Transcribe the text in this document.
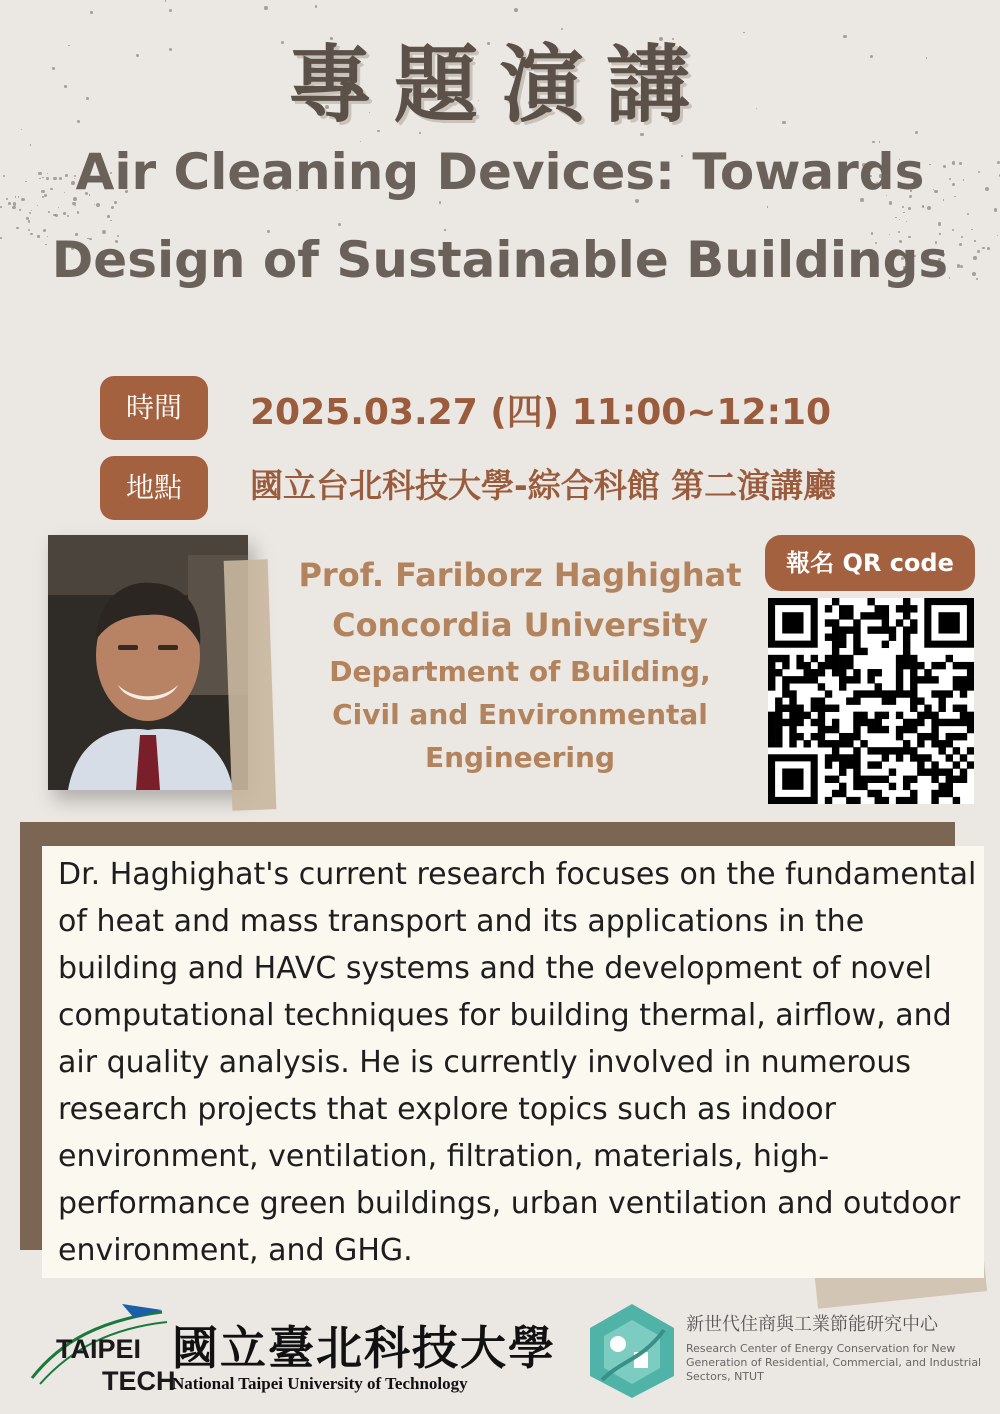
專題演講
Air Cleaning Devices: Towards Design of Sustainable Buildings
時間	2025.03.27 (四) 11:00~12:10
地點	國立台北科技大學-綜合科館 第二演講廳
Prof. Fariborz Haghighat
Concordia University
Department of Building,
Civil and Environmental
Engineering
報名 QR code
Dr. Haghighat's current research focuses on the fundamental of heat and mass transport and its applications in the building and HAVC systems and the development of novel computational techniques for building thermal, airflow, and air quality analysis. He is currently involved in numerous research projects that explore topics such as indoor environment, ventilation, filtration, materials, high-performance green buildings, urban ventilation and outdoor environment, and GHG.
TAIPEI
TECH
國立臺北科技大學
National Taipei University of Technology
新世代住商與工業節能研究中心
Research Center of Energy Conservation for New Generation of Residential, Commercial, and Industrial Sectors, NTUT
